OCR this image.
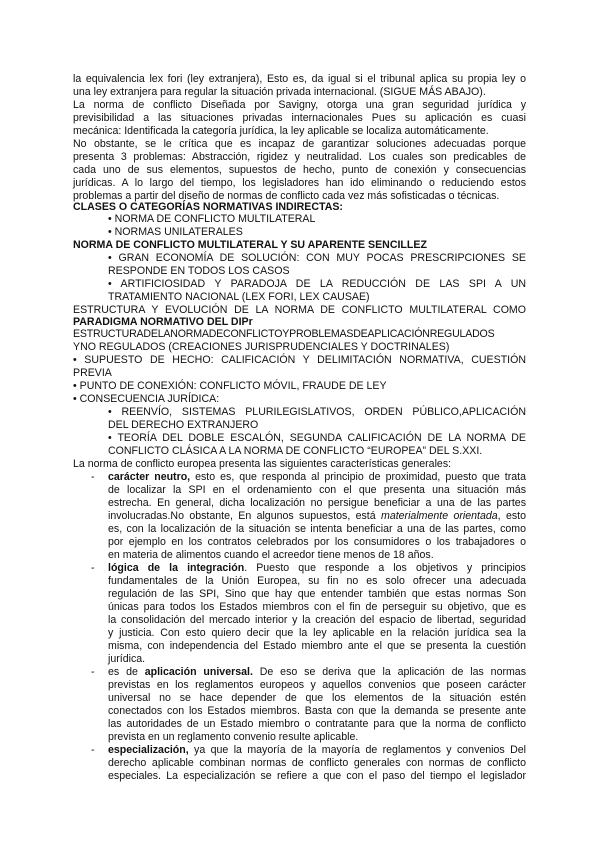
la equivalencia lex fori (ley extranjera), Esto es, da igual si el tribunal aplica su propia ley o
una ley extranjera para regular la situación privada internacional. (SIGUE MÁS ABAJO).
La norma de conflicto Diseñada por Savigny, otorga una gran seguridad jurídica y
previsibilidad a las situaciones privadas internacionales Pues su aplicación es cuasi
mecánica: Identificada la categoría jurídica, la ley aplicable se localiza automáticamente.
No obstante, se le crítica que es incapaz de garantizar soluciones adecuadas porque
presenta 3 problemas: Abstracción, rigidez y neutralidad. Los cuales son predicables de
cada uno de sus elementos, supuestos de hecho, punto de conexión y consecuencias
jurídicas. A lo largo del tiempo, los legisladores han ido eliminando o reduciendo estos
problemas a partir del diseño de normas de conflicto cada vez más sofisticadas o técnicas.
CLASES O CATEGORÍAS NORMATIVAS INDIRECTAS:
• NORMA DE CONFLICTO MULTILATERAL
• NORMAS UNILATERALES
NORMA DE CONFLICTO MULTILATERAL Y SU APARENTE SENCILLEZ
• GRAN ECONOMÍA DE SOLUCIÓN: CON MUY POCAS PRESCRIPCIONES SE
RESPONDE EN TODOS LOS CASOS
• ARTIFICIOSIDAD Y PARADOJA DE LA REDUCCIÓN DE LAS SPI A UN
TRATAMIENTO NACIONAL (LEX FORI, LEX CAUSAE)
ESTRUCTURA Y EVOLUCIÓN DE LA NORMA DE CONFLICTO MULTILATERAL COMO
PARADIGMA NORMATIVO DEL DIPr
ESTRUCTURADELANORMADECONFLICTOYPROBLEMASDEAPLICACIÓNREGULADOS
YNO REGULADOS (CREACIONES JURISPRUDENCIALES Y DOCTRINALES)
• SUPUESTO DE HECHO: CALIFICACIÓN Y DELIMITACIÓN NORMATIVA, CUESTIÓN
PREVIA
• PUNTO DE CONEXIÓN: CONFLICTO MÓVIL, FRAUDE DE LEY
• CONSECUENCIA JURÍDICA:
• REENVÍO, SISTEMAS PLURILEGISLATIVOS, ORDEN PÚBLICO,APLICACIÓN
DEL DERECHO EXTRANJERO
• TEORÍA DEL DOBLE ESCALÓN, SEGUNDA CALIFICACIÓN DE LA NORMA DE
CONFLICTO CLÁSICA A LA NORMA DE CONFLICTO “EUROPEA” DEL S.XXI.
La norma de conflicto europea presenta las siguientes características generales:
- carácter neutro, esto es, que responda al principio de proximidad, puesto que trata
de localizar la SPI en el ordenamiento con el que presenta una situación más
estrecha. En general, dicha localización no persigue beneficiar a una de las partes
involucradas.No obstante, En algunos supuestos, está materialmente orientada, esto
es, con la localización de la situación se intenta beneficiar a una de las partes, como
por ejemplo en los contratos celebrados por los consumidores o los trabajadores o
en materia de alimentos cuando el acreedor tiene menos de 18 años.
- lógica de la integración. Puesto que responde a los objetivos y principios
fundamentales de la Unión Europea, su fin no es solo ofrecer una adecuada
regulación de las SPI, Sino que hay que entender también que estas normas Son
únicas para todos los Estados miembros con el fin de perseguir su objetivo, que es
la consolidación del mercado interior y la creación del espacio de libertad, seguridad
y justicia. Con esto quiero decir que la ley aplicable en la relación jurídica sea la
misma, con independencia del Estado miembro ante el que se presenta la cuestión
jurídica.
- es de aplicación universal. De eso se deriva que la aplicación de las normas
previstas en los reglamentos europeos y aquellos convenios que poseen carácter
universal no se hace depender de que los elementos de la situación estén
conectados con los Estados miembros. Basta con que la demanda se presente ante
las autoridades de un Estado miembro o contratante para que la norma de conflicto
prevista en un reglamento convenio resulte aplicable.
- especialización, ya que la mayoría de la mayoría de reglamentos y convenios Del
derecho aplicable combinan normas de conflicto generales con normas de conflicto
especiales. La especialización se refiere a que con el paso del tiempo el legislador
